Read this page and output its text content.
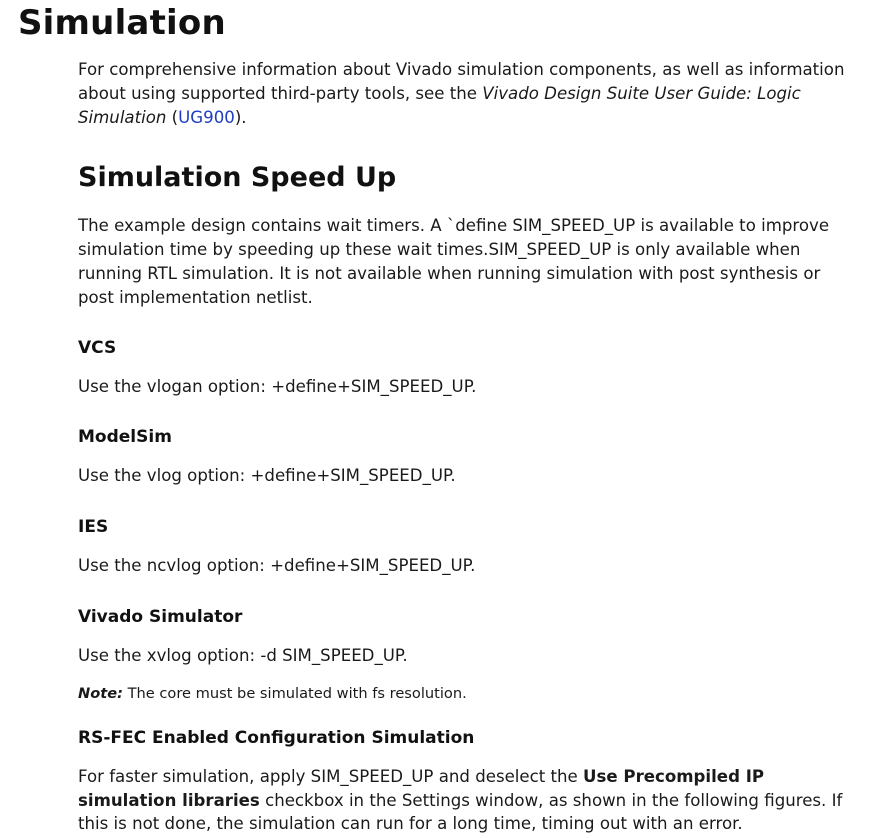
Simulation

For comprehensive information about Vivado simulation components, as well as information about using supported third-party tools, see the Vivado Design Suite User Guide: Logic Simulation (UG900).

Simulation Speed Up

The example design contains wait timers. A `define SIM_SPEED_UP is available to improve simulation time by speeding up these wait times.SIM_SPEED_UP is only available when running RTL simulation. It is not available when running simulation with post synthesis or post implementation netlist.

VCS

Use the vlogan option: +define+SIM_SPEED_UP.

ModelSim

Use the vlog option: +define+SIM_SPEED_UP.

IES

Use the ncvlog option: +define+SIM_SPEED_UP.

Vivado Simulator

Use the xvlog option: -d SIM_SPEED_UP.

Note: The core must be simulated with fs resolution.

RS-FEC Enabled Configuration Simulation

For faster simulation, apply SIM_SPEED_UP and deselect the Use Precompiled IP simulation libraries checkbox in the Settings window, as shown in the following figures. If this is not done, the simulation can run for a long time, timing out with an error.
